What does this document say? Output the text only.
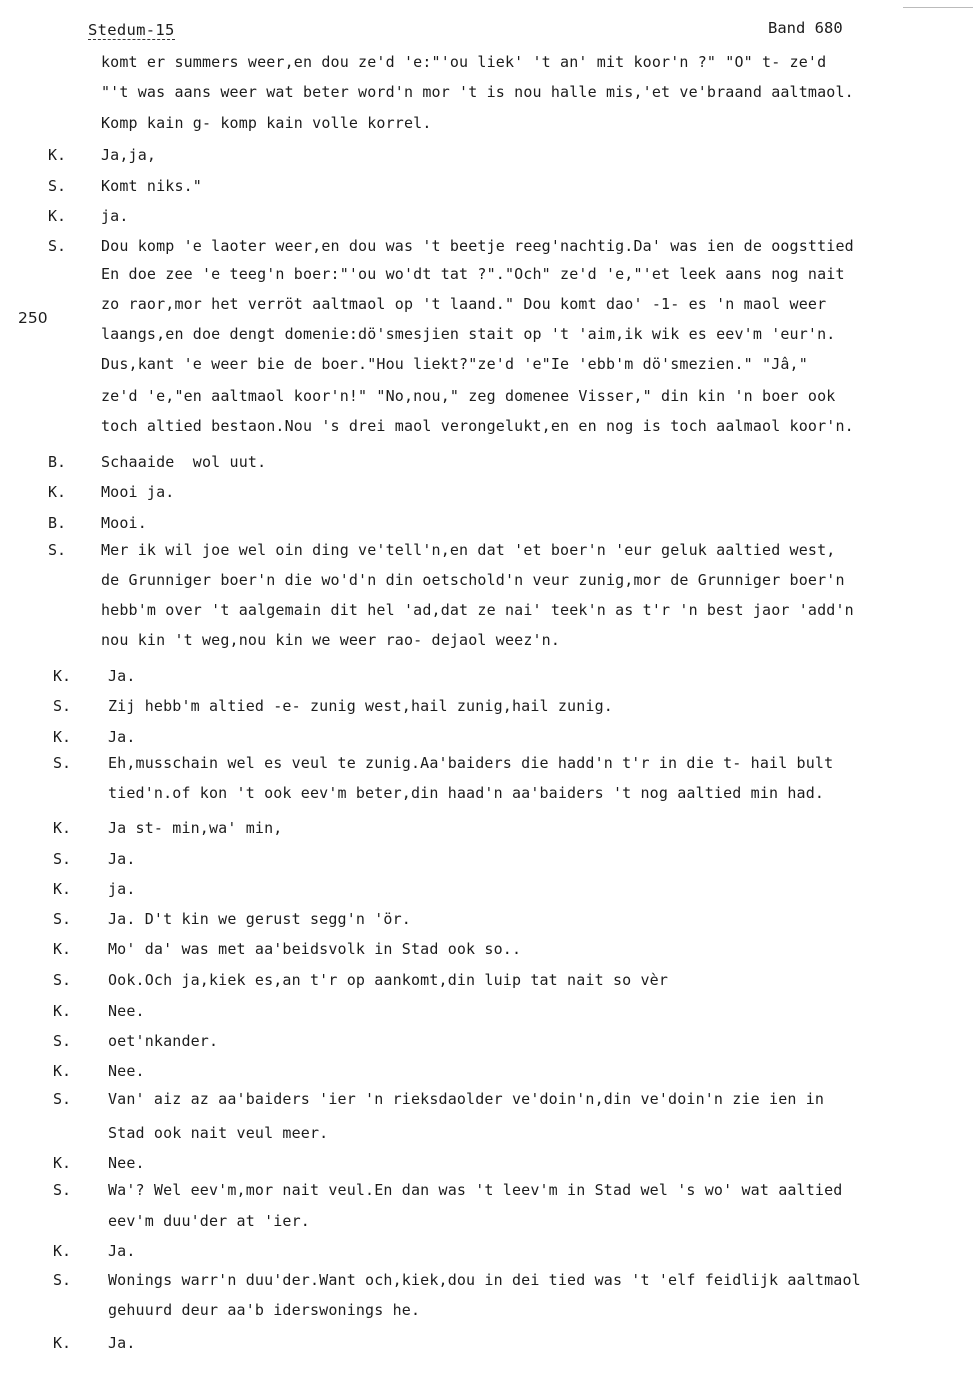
Stedum-15	Band 680
250
komt er summers weer,en dou ze'd 'e:"'ou liek' 't an' mit koor'n ?" "O" t- ze'd
"'t was aans weer wat beter word'n mor 't is nou halle mis,'et ve'braand aaltmaol.
Komp kain g- komp kain volle korrel.
K. Ja,ja,
S. Komt niks."
K. ja.
S. Dou komp 'e laoter weer,en dou was 't beetje reeg'nachtig.Da' was ien de oogsttied
En doe zee 'e teeg'n boer:"'ou wo'dt tat ?"."Och" ze'd 'e,"'et leek aans nog nait
zo raor,mor het verröt aaltmaol op 't laand." Dou komt dao' -1- es 'n maol weer
laangs,en doe dengt domenie:dö'smesjien stait op 't 'aim,ik wik es eev'm 'eur'n.
Dus,kant 'e weer bie de boer."Hou liekt?"ze'd 'e"Ie 'ebb'm dö'smezien." "Jâ,"
ze'd 'e,"en aaltmaol koor'n!" "No,nou," zeg domenee Visser," din kin 'n boer ook
toch altied bestaon.Nou 's drei maol verongelukt,en en nog is toch aalmaol koor'n.
B. Schaaide  wol uut.
K. Mooi ja.
B. Mooi.
S. Mer ik wil joe wel oin ding ve'tell'n,en dat 'et boer'n 'eur geluk aaltied west,
de Grunniger boer'n die wo'd'n din oetschold'n veur zunig,mor de Grunniger boer'n
hebb'm over 't aalgemain dit hel 'ad,dat ze nai' teek'n as t'r 'n best jaor 'add'n
nou kin 't weg,nou kin we weer rao- dejaol weez'n.
K. Ja.
S. Zij hebb'm altied -e- zunig west,hail zunig,hail zunig.
K. Ja.
S. Eh,musschain wel es veul te zunig.Aa'baiders die hadd'n t'r in die t- hail bult
tied'n.of kon 't ook eev'm beter,din haad'n aa'baiders 't nog aaltied min had.
K. Ja st- min,wa' min,
S. Ja.
K. ja.
S. Ja. D't kin we gerust segg'n 'ör.
K. Mo' da' was met aa'beidsvolk in Stad ook so..
S. Ook.Och ja,kiek es,an t'r op aankomt,din luip tat nait so vèr
K. Nee.
S. oet'nkander.
K. Nee.
S. Van' aiz az aa'baiders 'ier 'n rieksdaolder ve'doin'n,din ve'doin'n zie ien in
Stad ook nait veul meer.
K. Nee.
S. Wa'? Wel eev'm,mor nait veul.En dan was 't leev'm in Stad wel 's wo' wat aaltied
eev'm duu'der at 'ier.
K. Ja.
S. Wonings warr'n duu'der.Want och,kiek,dou in dei tied was 't 'elf feidlijk aaltmaol
gehuurd deur aa'b iderswonings he.
K. Ja.
